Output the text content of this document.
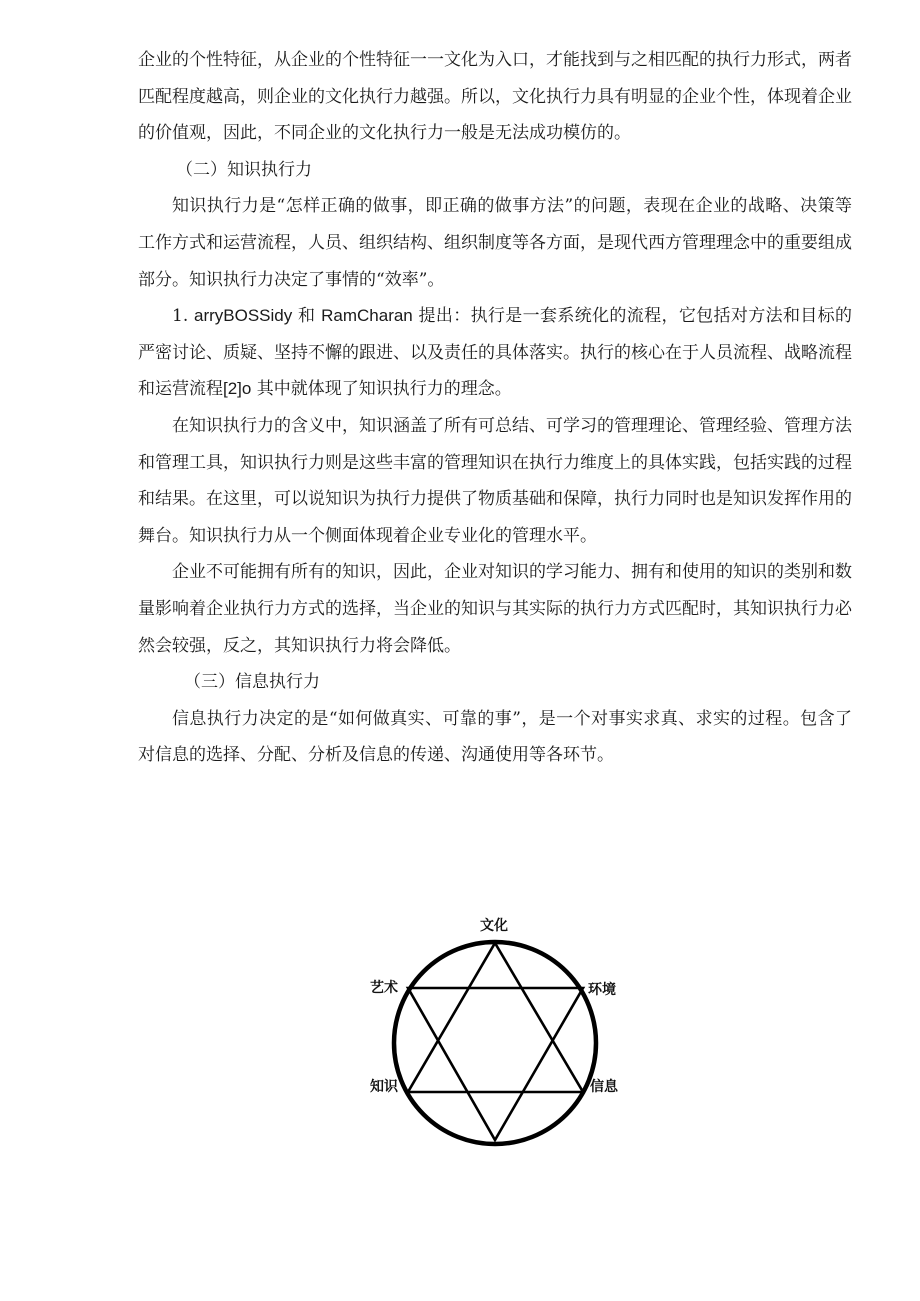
企业的个性特征，从企业的个性特征一一文化为入口，才能找到与之相匹配的执行力形式，两者匹配程度越高，则企业的文化执行力越强。所以，文化执行力具有明显的企业个性，体现着企业的价值观，因此，不同企业的文化执行力一般是无法成功模仿的。

（二）知识执行力

知识执行力是“怎样正确的做事，即正确的做事方法”的问题，表现在企业的战略、决策等工作方式和运营流程，人员、组织结构、组织制度等各方面，是现代西方管理理念中的重要组成部分。知识执行力决定了事情的“效率”。

1. arryBOSSidy 和 RamCharan 提出：执行是一套系统化的流程，它包括对方法和目标的严密讨论、质疑、坚持不懈的跟进、以及责任的具体落实。执行的核心在于人员流程、战略流程和运营流程[2]o 其中就体现了知识执行力的理念。

在知识执行力的含义中，知识涵盖了所有可总结、可学习的管理理论、管理经验、管理方法和管理工具，知识执行力则是这些丰富的管理知识在执行力维度上的具体实践，包括实践的过程和结果。在这里，可以说知识为执行力提供了物质基础和保障，执行力同时也是知识发挥作用的舞台。知识执行力从一个侧面体现着企业专业化的管理水平。

企业不可能拥有所有的知识，因此，企业对知识的学习能力、拥有和使用的知识的类别和数量影响着企业执行力方式的选择，当企业的知识与其实际的执行力方式匹配时，其知识执行力必然会较强，反之，其知识执行力将会降低。

（三）信息执行力

信息执行力决定的是“如何做真实、可靠的事”，是一个对事实求真、求实的过程。包含了对信息的选择、分配、分析及信息的传递、沟通使用等各环节。

文化
艺术	环境
知识	信息
